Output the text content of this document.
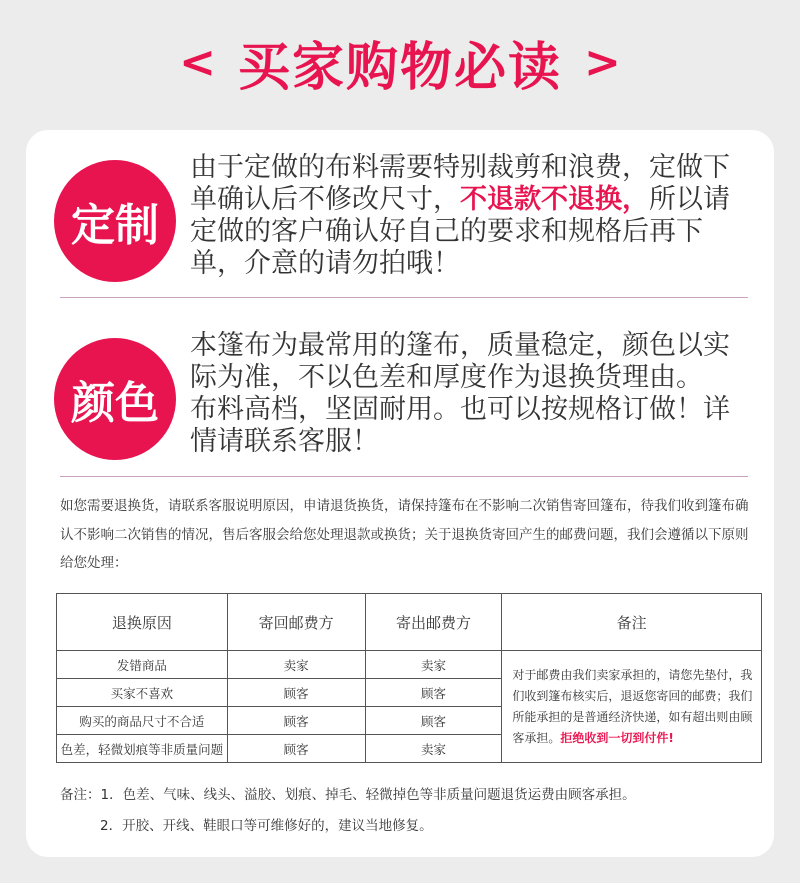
< 买家购物必读 >
定制
由于定做的布料需要特别裁剪和浪费，定做下单确认后不修改尺寸，不退款不退换，所以请定做的客户确认好自己的要求和规格后再下单，介意的请勿拍哦！
颜色
本篷布为最常用的篷布，质量稳定，颜色以实际为准，不以色差和厚度作为退换货理由。
布料高档，坚固耐用。也可以按规格订做！详情请联系客服！
如您需要退换货，请联系客服说明原因，申请退货换货，请保持篷布在不影响二次销售寄回篷布，待我们收到篷布确认不影响二次销售的情况，售后客服会给您处理退款或换货；关于退换货寄回产生的邮费问题，我们会遵循以下原则给您处理：
退换原因	寄回邮费方	寄出邮费方	备注
发错商品	卖家	卖家	对于邮费由我们卖家承担的，请您先垫付，我们收到篷布核实后，退返您寄回的邮费；我们所能承担的是普通经济快递，如有超出则由顾客承担。拒绝收到一切到付件!
买家不喜欢	顾客	顾客	
购买的商品尺寸不合适	顾客	顾客	
色差，轻微划痕等非质量问题	顾客	卖家	
备注：1．色差、气味、线头、溢胶、划痕、掉毛、轻微掉色等非质量问题退货运费由顾客承担。
2．开胶、开线、鞋眼口等可维修好的，建议当地修复。
